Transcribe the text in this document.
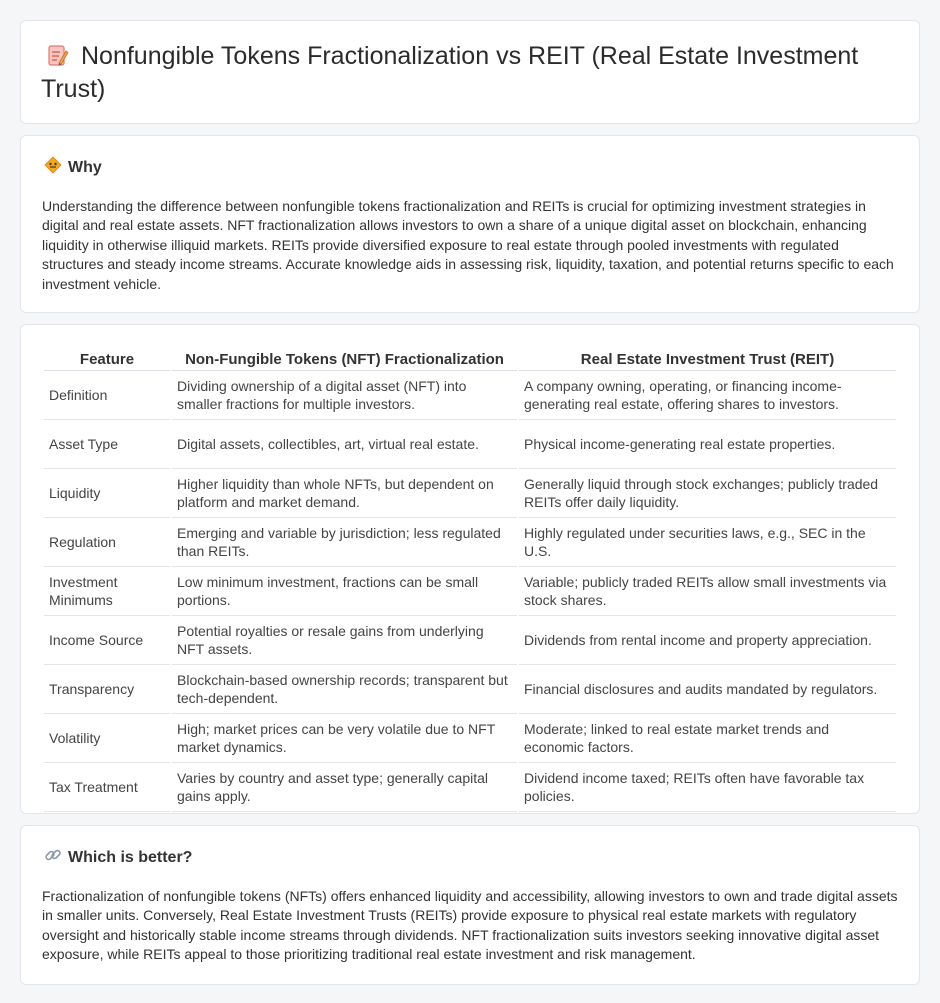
Nonfungible Tokens Fractionalization vs REIT (Real Estate Investment Trust)
Why

Understanding the difference between nonfungible tokens fractionalization and REITs is crucial for optimizing investment strategies in digital and real estate assets. NFT fractionalization allows investors to own a share of a unique digital asset on blockchain, enhancing liquidity in otherwise illiquid markets. REITs provide diversified exposure to real estate through pooled investments with regulated structures and steady income streams. Accurate knowledge aids in assessing risk, liquidity, taxation, and potential returns specific to each investment vehicle.

Feature	Non-Fungible Tokens (NFT) Fractionalization	Real Estate Investment Trust (REIT)
Definition	Dividing ownership of a digital asset (NFT) into smaller fractions for multiple investors.	A company owning, operating, or financing income-generating real estate, offering shares to investors.
Asset Type	Digital assets, collectibles, art, virtual real estate.	Physical income-generating real estate properties.
Liquidity	Higher liquidity than whole NFTs, but dependent on platform and market demand.	Generally liquid through stock exchanges; publicly traded REITs offer daily liquidity.
Regulation	Emerging and variable by jurisdiction; less regulated than REITs.	Highly regulated under securities laws, e.g., SEC in the U.S.
Investment Minimums	Low minimum investment, fractions can be small portions.	Variable; publicly traded REITs allow small investments via stock shares.
Income Source	Potential royalties or resale gains from underlying NFT assets.	Dividends from rental income and property appreciation.
Transparency	Blockchain-based ownership records; transparent but tech-dependent.	Financial disclosures and audits mandated by regulators.
Volatility	High; market prices can be very volatile due to NFT market dynamics.	Moderate; linked to real estate market trends and economic factors.
Tax Treatment	Varies by country and asset type; generally capital gains apply.	Dividend income taxed; REITs often have favorable tax policies.
Which is better?

Fractionalization of nonfungible tokens (NFTs) offers enhanced liquidity and accessibility, allowing investors to own and trade digital assets in smaller units. Conversely, Real Estate Investment Trusts (REITs) provide exposure to physical real estate markets with regulatory oversight and historically stable income streams through dividends. NFT fractionalization suits investors seeking innovative digital asset exposure, while REITs appeal to those prioritizing traditional real estate investment and risk management.
